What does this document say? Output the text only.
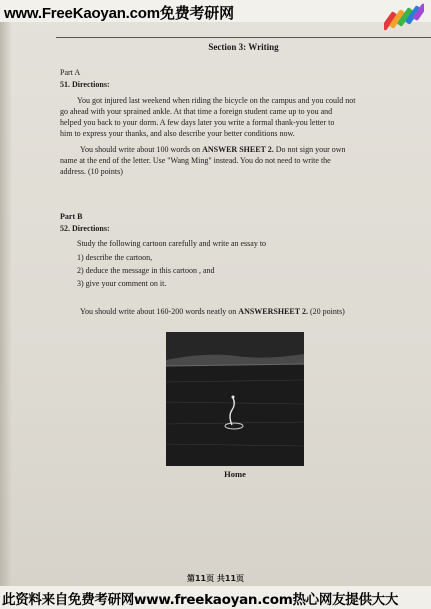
www.FreeKaoyan.com免费考研网
Section 3: Writing
Part A
51. Directions:
You got injured last weekend when riding the bicycle on the campus and you could not
go ahead with your sprained ankle. At that time a foreign student came up to you and
helped you back to your dorm. A few days later you write a formal thank-you letter to
him to express your thanks, and also describe your better conditions now.
You should write about 100 words on ANSWER SHEET 2. Do not sign your own
name at the end of the letter. Use "Wang Ming" instead. You do not need to write the
address. (10 points)
Part B
52. Directions:
Study the following cartoon carefully and write an essay to
1) describe the cartoon,
2) deduce the message in this cartoon , and
3) give your comment on it.
You should write about 160-200 words neatly on ANSWERSHEET 2. (20 points)
Home
第11页 共11页
此资料来自免费考研网www.freekaoyan.com热心网友提供大大
